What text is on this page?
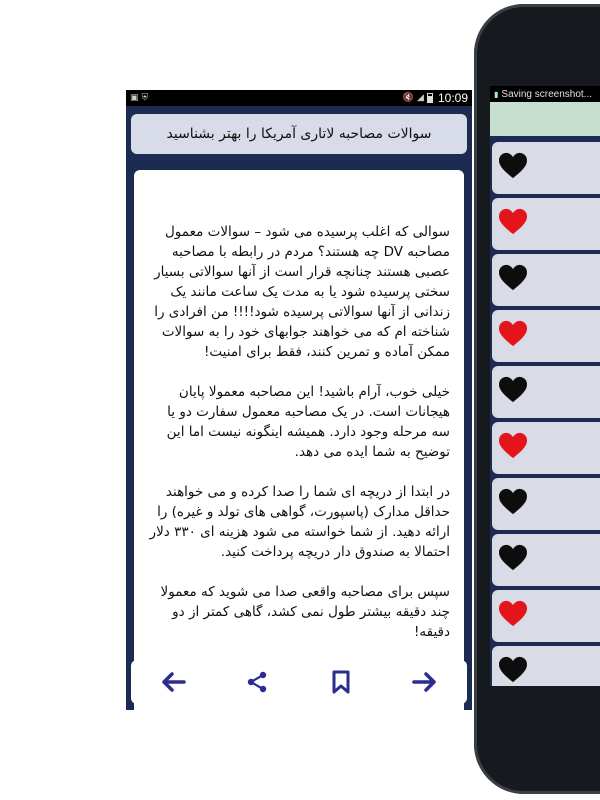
▣ ⛨	🔇 ◢ 10:09
سوالات مصاحبه لاتاری آمریکا را بهتر بشناسید

سوالی که اغلب پرسیده می شود – سوالات معمول مصاحبه DV چه هستند؟ مردم در رابطه با مصاحبه عصبی هستند چنانچه قرار است از آنها سوالاتی بسیار سختی پرسیده شود یا به مدت یک ساعت مانند یک زندانی از آنها سوالاتی پرسیده شود!!!! من افرادی را شناخته ام که می خواهند جوابهای خود را به سوالات ممکن آماده و تمرین کنند، فقط برای امنیت!

خیلی خوب، آرام باشید! این مصاحبه معمولا پایان هیجانات است. در یک مصاحبه معمول سفارت دو یا سه مرحله وجود دارد. همیشه اینگونه نیست اما این توضیح به شما ایده می دهد.

در ابتدا از دریچه ای شما را صدا کرده و می خواهند حداقل مدارک (پاسپورت، گواهی های تولد و غیره) را ارائه دهید. از شما خواسته می شود هزینه ای ۳۳۰ دلار احتمالا به صندوق دار دریچه پرداخت کنید.

سپس برای مصاحبه واقعی صدا می شوید که معمولا چند دقیقه بیشتر طول نمی کشد، گاهی کمتر از دو دقیقه!

▮ Saving screenshot...
